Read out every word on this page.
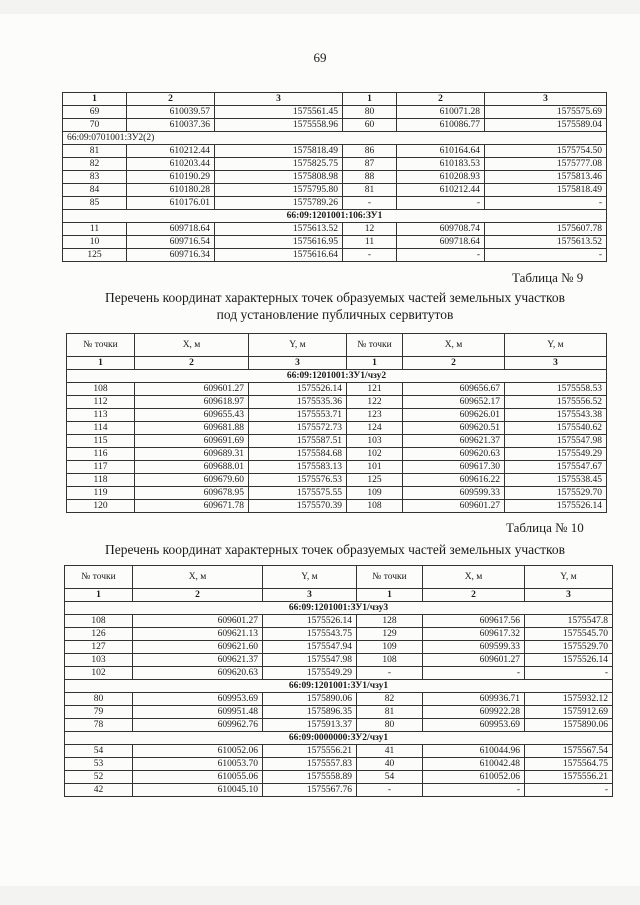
69
1	2	3	1	2	3
69	610039.57	1575561.45	80	610071.28	1575575.69
70	610037.36	1575558.96	60	610086.77	1575589.04
66:09:0701001:ЗУ2(2)					
81	610212.44	1575818.49	86	610164.64	1575754.50
82	610203.44	1575825.75	87	610183.53	1575777.08
83	610190.29	1575808.98	88	610208.93	1575813.46
84	610180.28	1575795.80	81	610212.44	1575818.49
85	610176.01	1575789.26	-	-	-
66:09:1201001:106:ЗУ1					
11	609718.64	1575613.52	12	609708.74	1575607.78
10	609716.54	1575616.95	11	609718.64	1575613.52
125	609716.34	1575616.64	-	-	-
Таблица № 9
Перечень координат характерных точек образуемых частей земельных участков
под установление публичных сервитутов
№ точки	X, м	Y, м	№ точки	X, м	Y, м
1	2	3	1	2	3
66:09:1201001:ЗУ1/чзу2					
108	609601.27	1575526.14	121	609656.67	1575558.53
112	609618.97	1575535.36	122	609652.17	1575556.52
113	609655.43	1575553.71	123	609626.01	1575543.38
114	609681.88	1575572.73	124	609620.51	1575540.62
115	609691.69	1575587.51	103	609621.37	1575547.98
116	609689.31	1575584.68	102	609620.63	1575549.29
117	609688.01	1575583.13	101	609617.30	1575547.67
118	609679.60	1575576.53	125	609616.22	1575538.45
119	609678.95	1575575.55	109	609599.33	1575529.70
120	609671.78	1575570.39	108	609601.27	1575526.14
Таблица № 10
Перечень координат характерных точек образуемых частей земельных участков
№ точки	X, м	Y, м	№ точки	X, м	Y, м
1	2	3	1	2	3
66:09:1201001:ЗУ1/чзу3					
108	609601.27	1575526.14	128	609617.56	1575547.8
126	609621.13	1575543.75	129	609617.32	1575545.70
127	609621.60	1575547.94	109	609599.33	1575529.70
103	609621.37	1575547.98	108	609601.27	1575526.14
102	609620.63	1575549.29	-	-	-
66:09:1201001:ЗУ1/чзу1					
80	609953.69	1575890.06	82	609936.71	1575932.12
79	609951.48	1575896.35	81	609922.28	1575912.69
78	609962.76	1575913.37	80	609953.69	1575890.06
66:09:0000000:ЗУ2/чзу1					
54	610052.06	1575556.21	41	610044.96	1575567.54
53	610053.70	1575557.83	40	610042.48	1575564.75
52	610055.06	1575558.89	54	610052.06	1575556.21
42	610045.10	1575567.76	-	-	-
